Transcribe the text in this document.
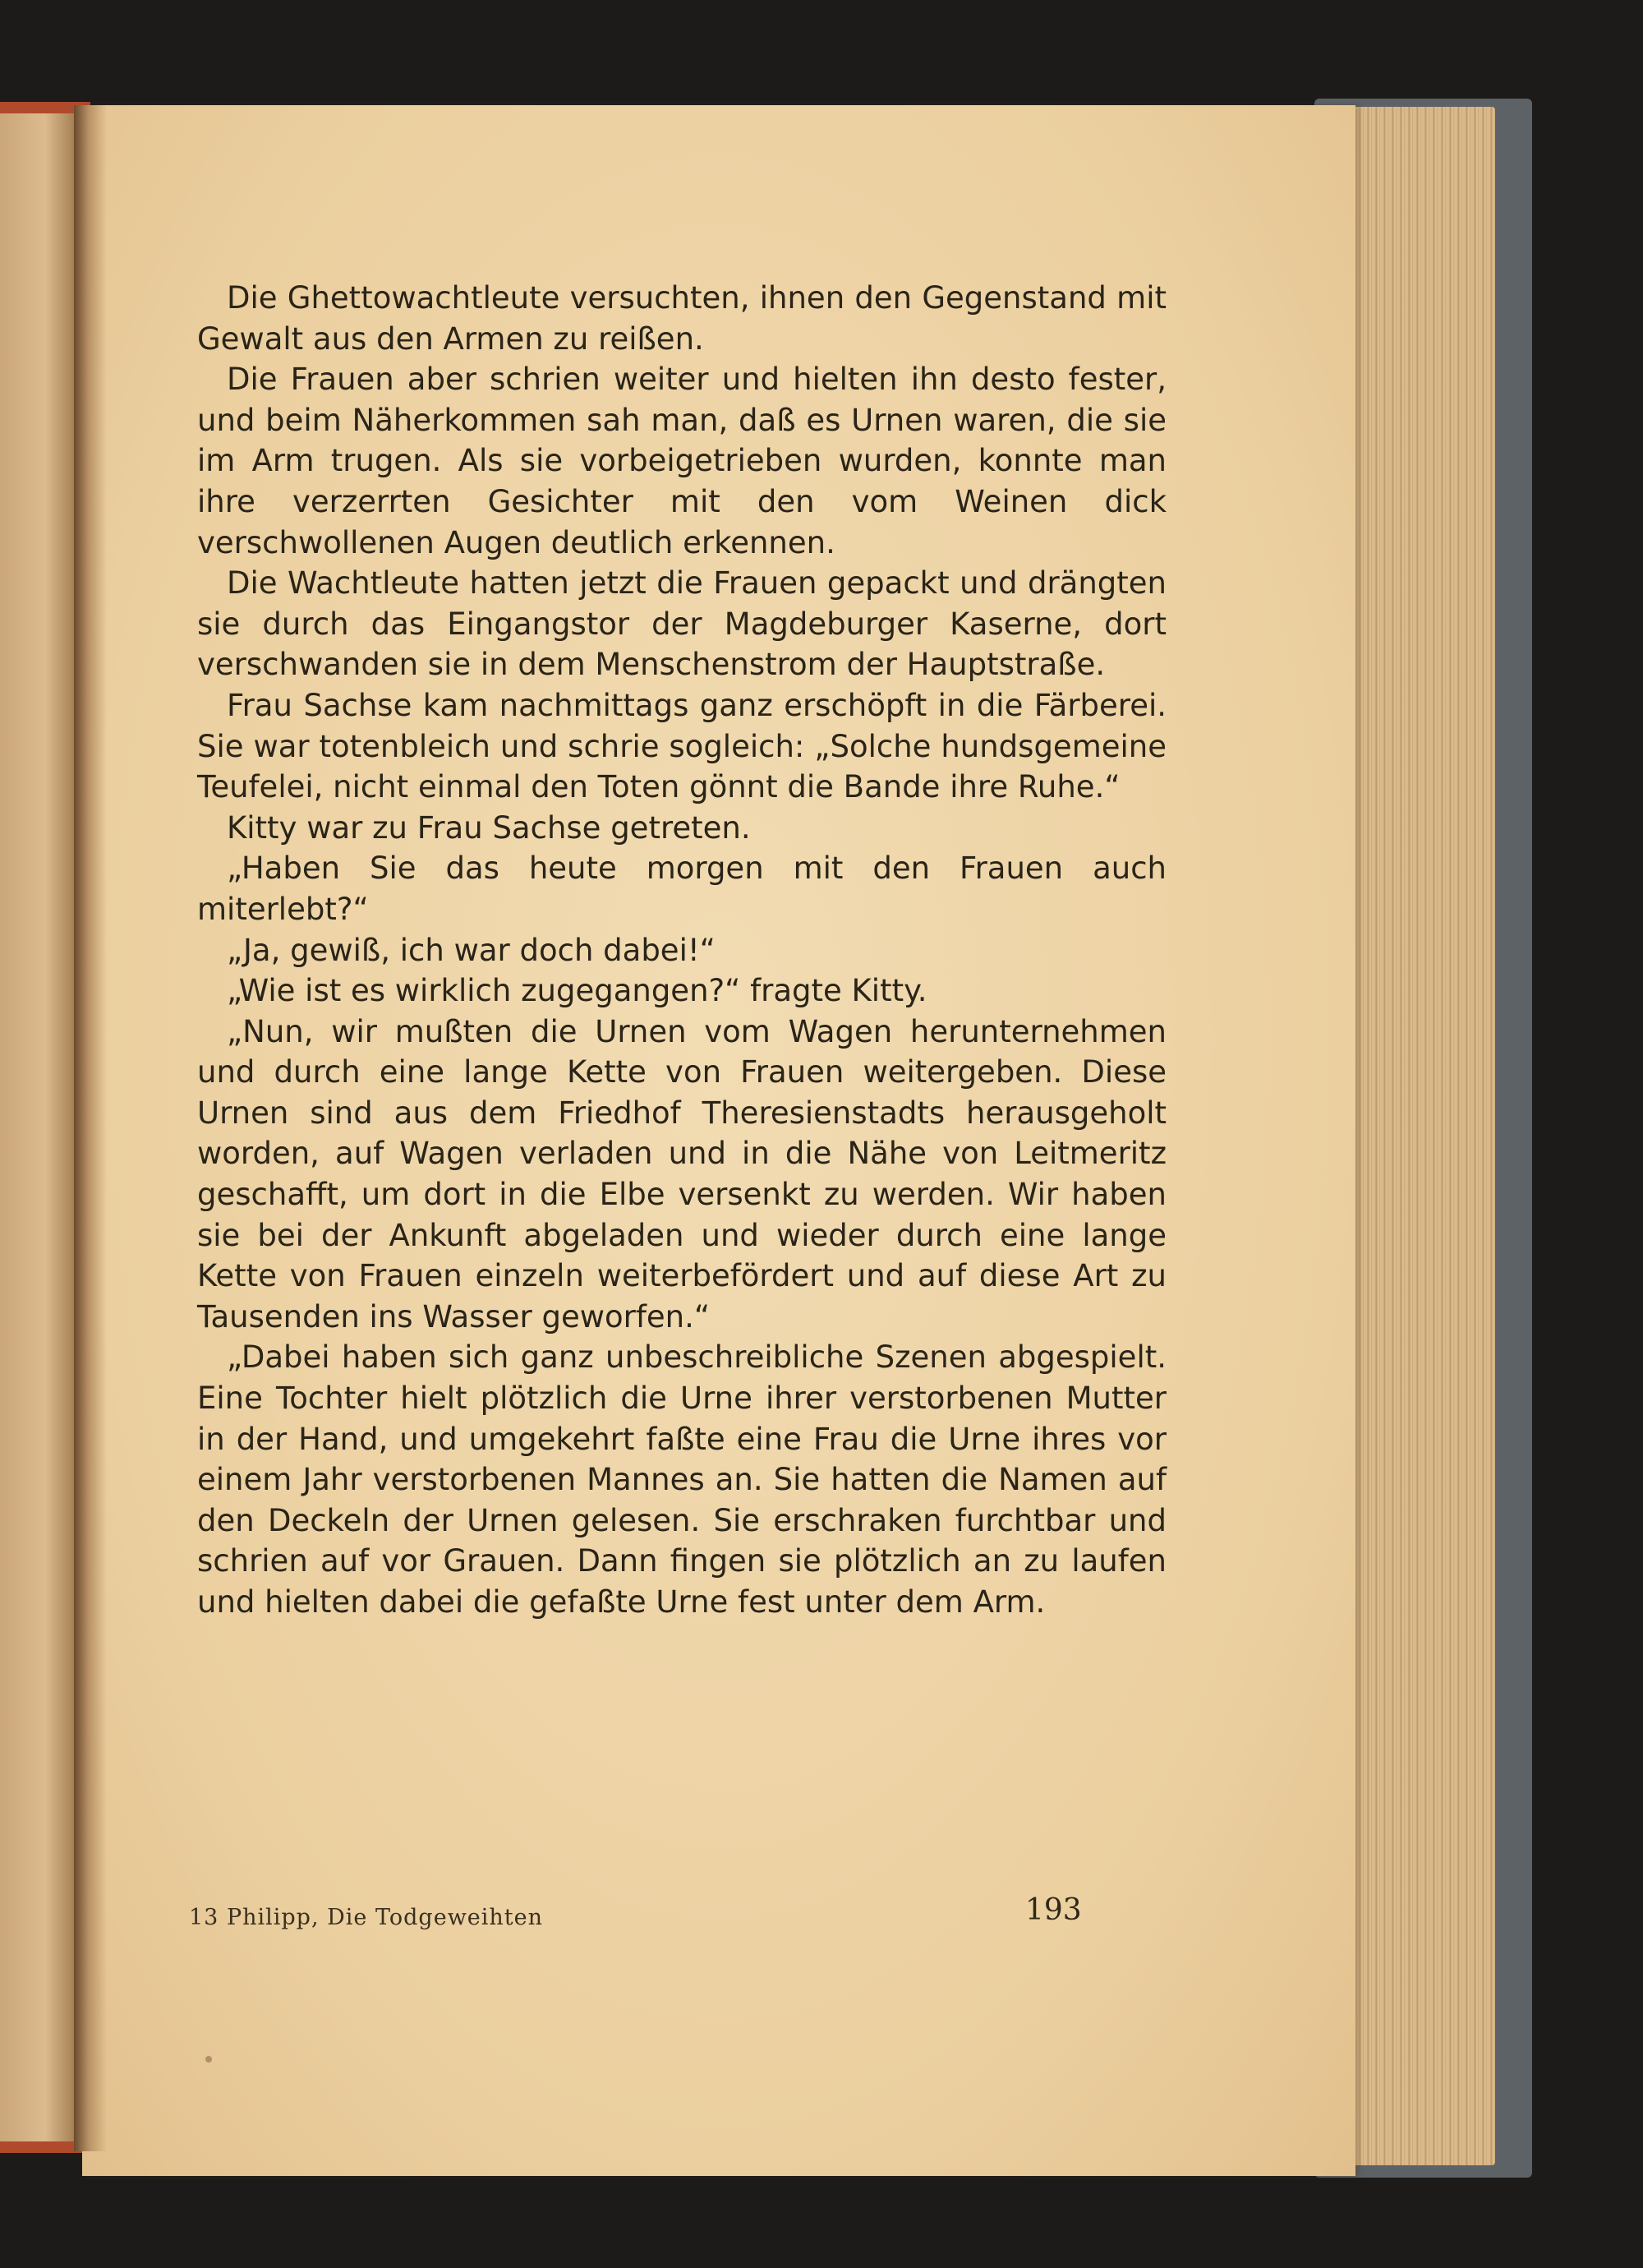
Die Ghettowachtleute versuchten, ihnen den Gegenstand mit Gewalt aus den Armen zu reißen.

Die Frauen aber schrien weiter und hielten ihn desto fester, und beim Näherkommen sah man, daß es Urnen waren, die sie im Arm trugen. Als sie vorbeigetrieben wurden, konnte man ihre verzerrten Gesichter mit den vom Weinen dick verschwollenen Augen deutlich erkennen.

Die Wachtleute hatten jetzt die Frauen gepackt und drängten sie durch das Eingangstor der Magdeburger Kaserne, dort verschwanden sie in dem Menschenstrom der Hauptstraße.

Frau Sachse kam nachmittags ganz erschöpft in die Färberei. Sie war totenbleich und schrie sogleich: „Solche hundsgemeine Teufelei, nicht einmal den Toten gönnt die Bande ihre Ruhe.“

Kitty war zu Frau Sachse getreten.

„Haben Sie das heute morgen mit den Frauen auch miterlebt?“

„Ja, gewiß, ich war doch dabei!“

„Wie ist es wirklich zugegangen?“ fragte Kitty.

„Nun, wir mußten die Urnen vom Wagen herunternehmen und durch eine lange Kette von Frauen weitergeben. Diese Urnen sind aus dem Friedhof Theresienstadts herausgeholt worden, auf Wagen verladen und in die Nähe von Leitmeritz geschafft, um dort in die Elbe versenkt zu werden. Wir haben sie bei der Ankunft abgeladen und wieder durch eine lange Kette von Frauen einzeln weiterbefördert und auf diese Art zu Tausenden ins Wasser geworfen.“

„Dabei haben sich ganz unbeschreibliche Szenen abgespielt. Eine Tochter hielt plötzlich die Urne ihrer verstorbenen Mutter in der Hand, und umgekehrt faßte eine Frau die Urne ihres vor einem Jahr verstorbenen Mannes an. Sie hatten die Namen auf den Deckeln der Urnen gelesen. Sie erschraken furchtbar und schrien auf vor Grauen. Dann fingen sie plötzlich an zu laufen und hielten dabei die gefaßte Urne fest unter dem Arm.

13 Philipp, Die Todgeweihten	193
